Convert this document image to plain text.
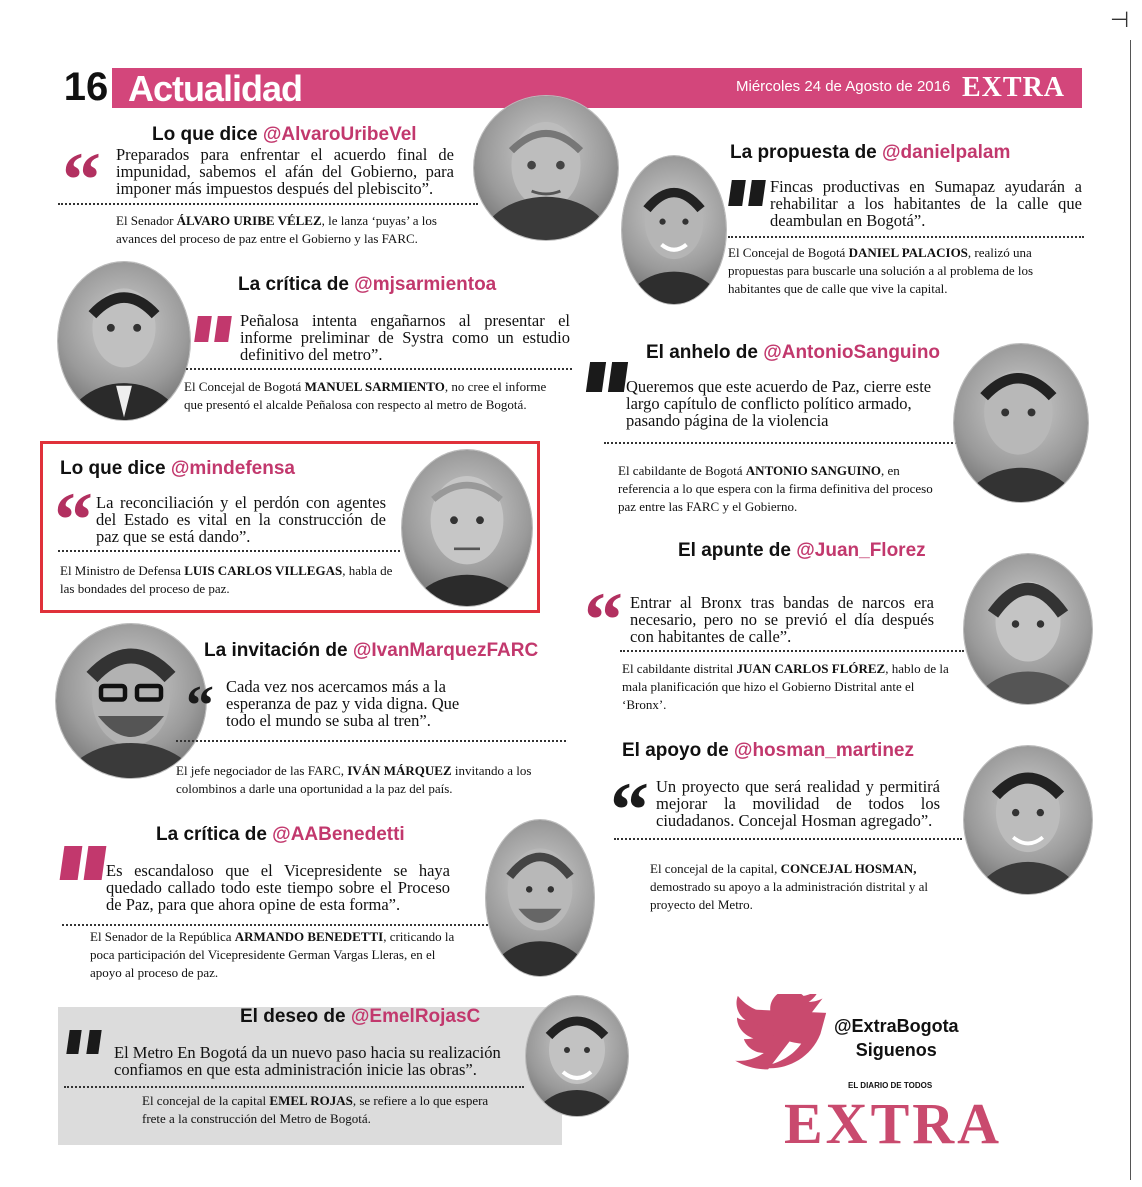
⊣
16 Actualidad	Miércoles 24 de Agosto de 2016 EXTRA
Lo que dice @AlvaroUribeVel
“ Preparados para enfrentar el acuerdo final de impunidad, sabemos el afán del Gobierno, para imponer más impuestos después del plebiscito”.
El Senador ÁLVARO URIBE VÉLEZ, le lanza ‘puyas’ a los avances del proceso de paz entre el Gobierno y las FARC.
La propuesta de @danielpalam
Fincas productivas en Sumapaz ayudarán a rehabilitar a los habitantes de la calle que deambulan en Bogotá”.
El Concejal de Bogotá DANIEL PALACIOS, realizó una propuestas para buscarle una solución a al problema de los habitantes que de calle que vive la capital.
La crítica de @mjsarmientoa
Peñalosa intenta engañarnos al presentar el informe preliminar de Systra como un estudio definitivo del metro”.
El Concejal de Bogotá MANUEL SARMIENTO, no cree el informe que presentó el alcalde Peñalosa con respecto al metro de Bogotá.
El anhelo de @AntonioSanguino
Queremos que este acuerdo de Paz, cierre este largo capítulo de conflicto político armado, pasando página de la violencia
El cabildante de Bogotá ANTONIO SANGUINO, en referencia a lo que espera con la firma definitiva del proceso paz entre las FARC y el Gobierno.
Lo que dice @mindefensa
“ La reconciliación y el perdón con agentes del Estado es vital en la construcción de paz que se está dando”.
El Ministro de Defensa LUIS CARLOS VILLEGAS, habla de las bondades del proceso de paz.
El apunte de @Juan_Florez
“ Entrar al Bronx tras bandas de narcos era necesario, pero no se previó el día después con habitantes de calle”.
El cabildante distrital JUAN CARLOS FLÓREZ, hablo de la mala planificación que hizo el Gobierno Distrital ante el ‘Bronx’.
La invitación de @IvanMarquezFARC
“ Cada vez nos acercamos más a la esperanza de paz y vida digna. Que todo el mundo se suba al tren”.
El jefe negociador de las FARC, IVÁN MÁRQUEZ invitando a los colombinos a darle una oportunidad a la paz del país.
El apoyo de @hosman_martinez
“ Un proyecto que será realidad y permitirá mejorar la movilidad de todos los ciudadanos. Concejal Hosman agregado”.
El concejal de la capital, CONCEJAL HOSMAN, demostrado su apoyo a la administración distrital y al proyecto del Metro.
La crítica de @AABenedetti
Es escandaloso que el Vicepresidente se haya quedado callado todo este tiempo sobre el Proceso de Paz, para que ahora opine de esta forma”.
El Senador de la República ARMANDO BENEDETTI, criticando la poca participación del Vicepresidente German Vargas Lleras, en el apoyo al proceso de paz.
El deseo de @EmelRojasC
El Metro En Bogotá da un nuevo paso hacia su realización confiamos en que esta administración inicie las obras”.
El concejal de la capital EMEL ROJAS, se refiere a lo que espera frete a la construcción del Metro de Bogotá.
@ExtraBogota
Siguenos
EL DIARIO DE TODOS
EXTRA
